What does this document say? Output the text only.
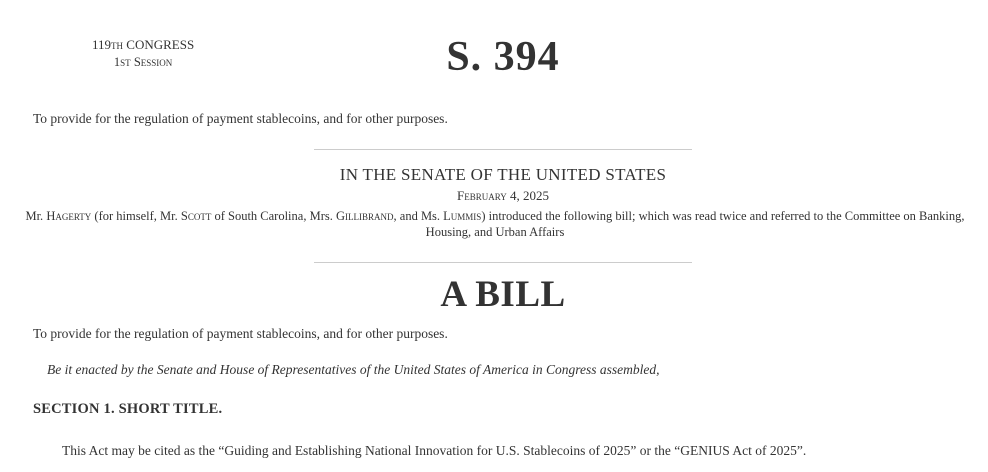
119th CONGRESS
1st Session	S. 394
To provide for the regulation of payment stablecoins, and for other purposes.
IN THE SENATE OF THE UNITED STATES
February 4, 2025
Mr. Hagerty (for himself, Mr. Scott of South Carolina, Mrs. Gillibrand, and Ms. Lummis) introduced the following bill; which was read twice and referred to the Committee on Banking, Housing, and Urban Affairs
A BILL
To provide for the regulation of payment stablecoins, and for other purposes.
Be it enacted by the Senate and House of Representatives of the United States of America in Congress assembled,
SECTION 1. SHORT TITLE.
This Act may be cited as the “Guiding and Establishing National Innovation for U.S. Stablecoins of 2025” or the “GENIUS Act of 2025”.
